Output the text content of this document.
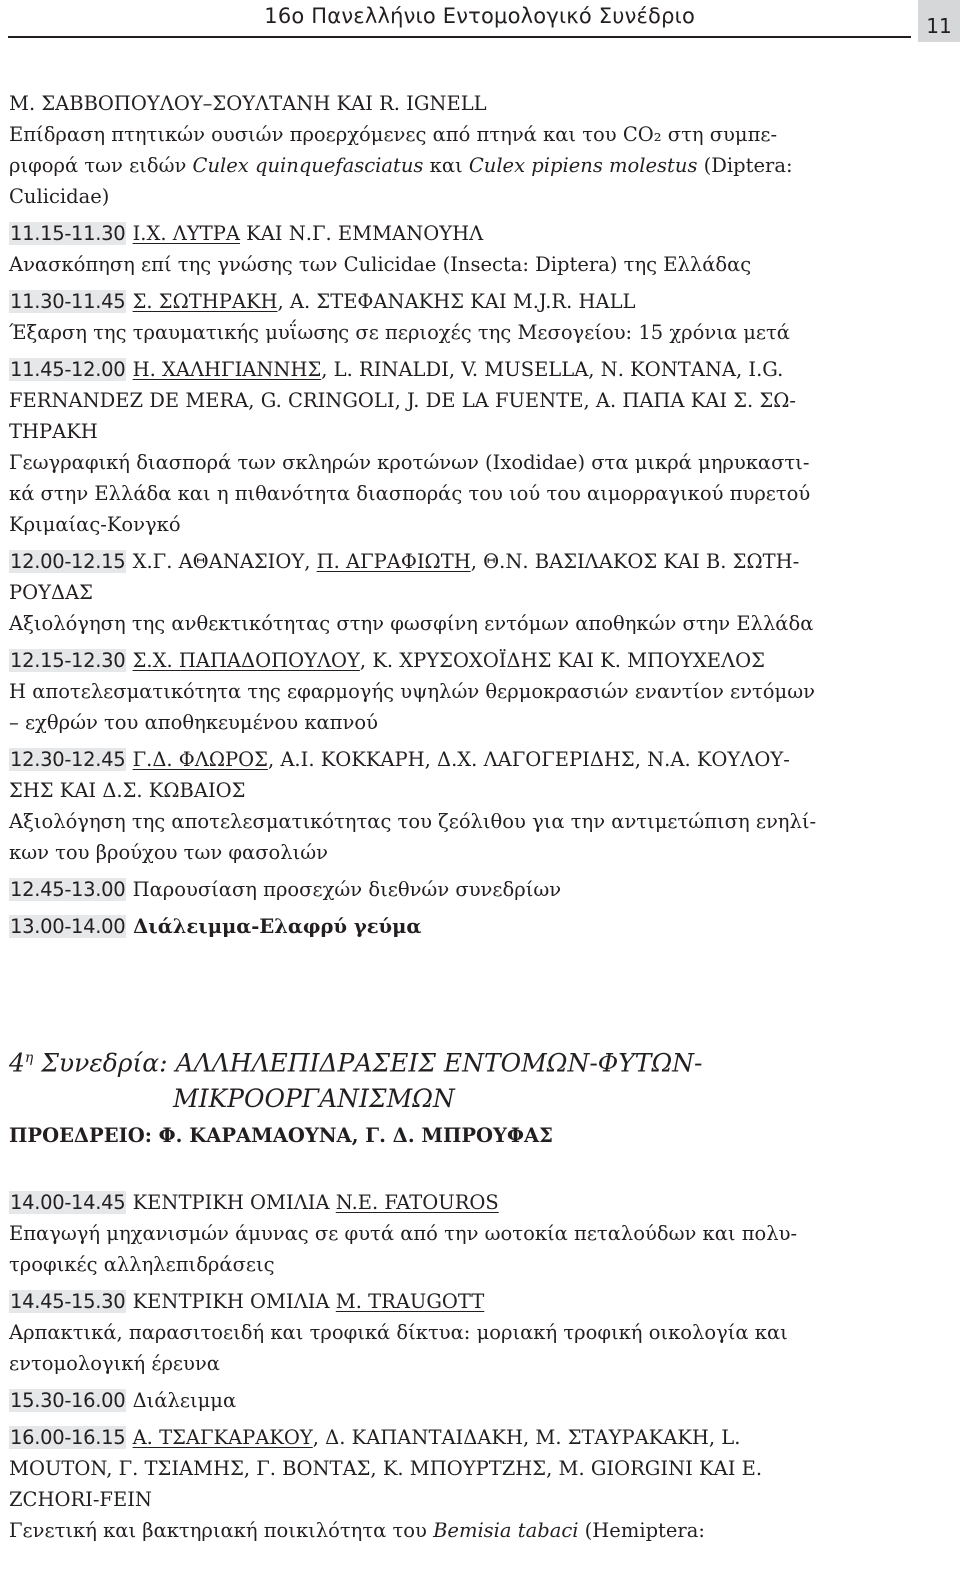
16ο Πανελλήνιο Εντομολογικό Συνέδριο	11
Μ. ΣΑΒΒΟΠΟΥΛΟΥ–ΣΟΥΛΤΑΝΗ ΚΑΙ R. IGNELL
Επίδραση πτητικών ουσιών προερχόμενες από πτηνά και του CO₂ στη συμπε-
ριφορά των ειδών Culex quinquefasciatus και Culex pipiens molestus (Diptera:
Culicidae)
11.15-11.30 Ι.Χ. ΛΥΤΡΑ ΚΑΙ Ν.Γ. ΕΜΜΑΝΟΥΗΛ
Ανασκόπηση επί της γνώσης των Culicidae (Insecta: Diptera) της Ελλάδας
11.30-11.45 Σ. ΣΩΤΗΡΑΚΗ, Α. ΣΤΕΦΑΝΑΚΗΣ ΚΑΙ Μ.J.R. HALL
Έξαρση της τραυματικής μυΐωσης σε περιοχές της Μεσογείου: 15 χρόνια μετά
11.45-12.00 Η. ΧΑΛΗΓΙΑΝΝΗΣ, L. RINALDI, V. MUSELLA, Ν. ΚΟΝΤΑΝΑ, I.G.
FERNANDEZ DE MERA, G. CRINGOLI, J. DE LA FUENTE, Α. ΠΑΠΑ ΚΑΙ Σ. ΣΩ-
ΤΗΡΑΚΗ
Γεωγραφική διασπορά των σκληρών κροτώνων (Ixodidae) στα μικρά μηρυκαστι-
κά στην Ελλάδα και η πιθανότητα διασποράς του ιού του αιμορραγικού πυρετού
Κριμαίας-Κονγκό
12.00-12.15 Χ.Γ. ΑΘΑΝΑΣΙΟΥ, Π. ΑΓΡΑΦΙΩΤΗ, Θ.Ν. ΒΑΣΙΛΑΚΟΣ ΚΑΙ Β. ΣΩΤΗ-
ΡΟΥΔΑΣ
Αξιολόγηση της ανθεκτικότητας στην φωσφίνη εντόμων αποθηκών στην Ελλάδα
12.15-12.30 Σ.Χ. ΠΑΠΑΔΟΠΟΥΛΟΥ, Κ. ΧΡΥΣΟΧΟΪΔΗΣ ΚΑΙ Κ. ΜΠΟΥΧΕΛΟΣ
Η αποτελεσματικότητα της εφαρμογής υψηλών θερμοκρασιών εναντίον εντόμων
– εχθρών του αποθηκευμένου καπνού
12.30-12.45 Γ.Δ. ΦΛΩΡΟΣ, Α.Ι. ΚΟΚΚΑΡΗ, Δ.Χ. ΛΑΓΟΓΕΡΙΔΗΣ, Ν.Α. ΚΟΥΛΟΥ-
ΣΗΣ ΚΑΙ Δ.Σ. ΚΩΒΑΙΟΣ
Αξιολόγηση της αποτελεσματικότητας του ζεόλιθου για την αντιμετώπιση ενηλί-
κων του βρούχου των φασολιών
12.45-13.00 Παρουσίαση προσεχών διεθνών συνεδρίων
13.00-14.00 Διάλειμμα-Ελαφρύ γεύμα
$4^\eta$ Συνεδρία: ΑΛΛΗΛΕΠΙΔΡΑΣΕΙΣ ΕΝΤΟΜΩΝ-ΦΥΤΩΝ-
ΜΙΚΡΟΟΡΓΑΝΙΣΜΩΝ
ΠΡΟΕΔΡΕΙΟ: Φ. ΚΑΡΑΜΑΟΥΝΑ, Γ. Δ. ΜΠΡΟΥΦΑΣ
14.00-14.45 ΚΕΝΤΡΙΚΗ ΟΜΙΛΙΑ N.E. FATOUROS
Επαγωγή μηχανισμών άμυνας σε φυτά από την ωοτοκία πεταλούδων και πολυ-
τροφικές αλληλεπιδράσεις
14.45-15.30 ΚΕΝΤΡΙΚΗ ΟΜΙΛΙΑ M. TRAUGOTT
Αρπακτικά, παρασιτοειδή και τροφικά δίκτυα: μοριακή τροφική οικολογία και
εντομολογική έρευνα
15.30-16.00 Διάλειμμα
16.00-16.15 Α. ΤΣΑΓΚΑΡΑΚΟΥ, Δ. ΚΑΠΑΝΤΑΙΔΑΚΗ, Μ. ΣΤΑΥΡΑΚΑΚΗ, L.
MOUTON, Γ. ΤΣΙΑΜΗΣ, Γ. ΒΟΝΤΑΣ, Κ. ΜΠΟΥΡΤΖΗΣ, M. GIORGINI ΚΑΙ E.
ZCHORI-FEIN
Γενετική και βακτηριακή ποικιλότητα του Bemisia tabaci (Hemiptera:
